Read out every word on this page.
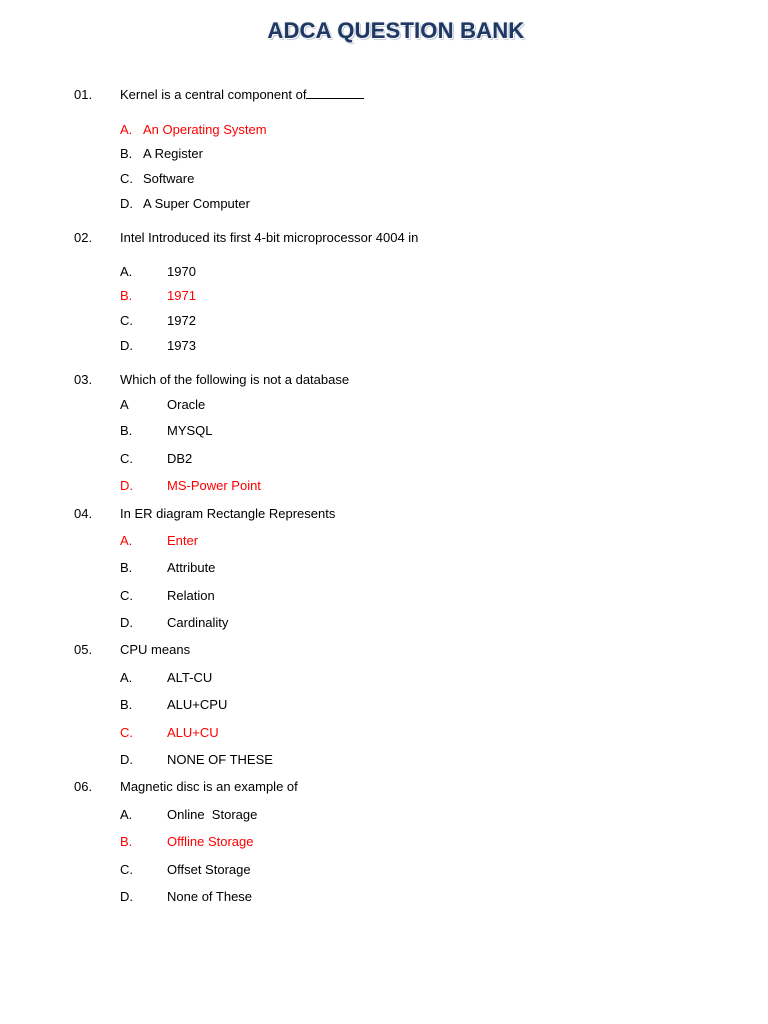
ADCA QUESTION BANK
01. Kernel is a central component of
A. An Operating System
B. A Register
C. Software
D. A Super Computer
02. Intel Introduced its first 4-bit microprocessor 4004 in
A.	1970
B.	1971
C.	1972
D.	1973
03. Which of the following is not a database
A	Oracle
B.	MYSQL
C.	DB2
D.	MS-Power Point
04. In ER diagram Rectangle Represents
A.	Enter
B.	Attribute
C.	Relation
D.	Cardinality
05. CPU means
A.	ALT-CU
B.	ALU+CPU
C.	ALU+CU
D.	NONE OF THESE
06. Magnetic disc is an example of
A.	Online  Storage
B.	Offline Storage
C.	Offset Storage
D.	None of These
